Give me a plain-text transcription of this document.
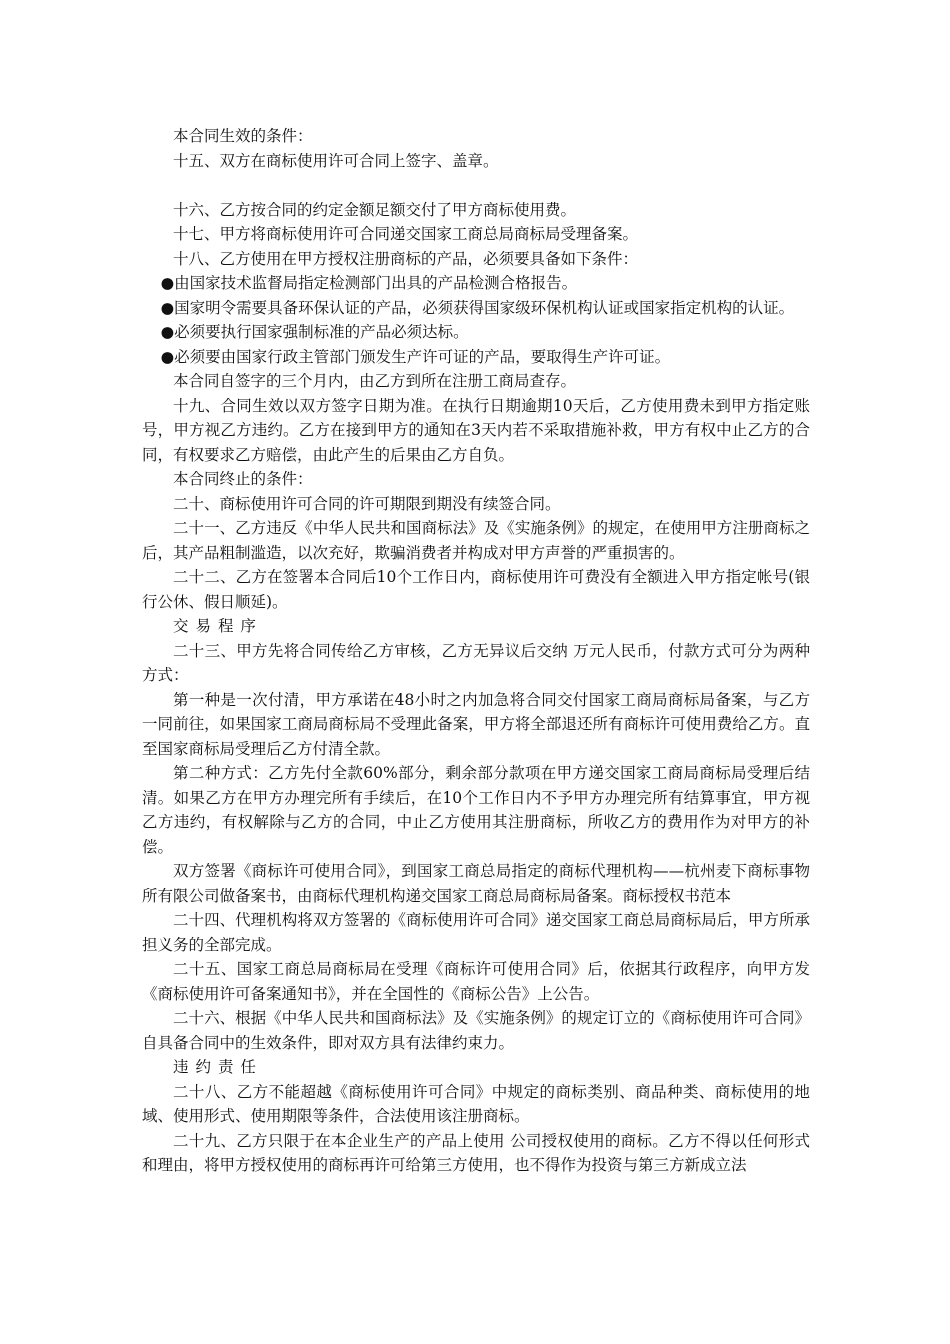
本合同生效的条件：

十五、双方在商标使用许可合同上签字、盖章。

十六、乙方按合同的约定金额足额交付了甲方商标使用费。

十七、甲方将商标使用许可合同递交国家工商总局商标局受理备案。

十八、乙方使用在甲方授权注册商标的产品，必须要具备如下条件：

●由国家技术监督局指定检测部门出具的产品检测合格报告。

●国家明令需要具备环保认证的产品，必须获得国家级环保机构认证或国家指定机构的认证。

●必须要执行国家强制标准的产品必须达标。

●必须要由国家行政主管部门颁发生产许可证的产品，要取得生产许可证。

本合同自签字的三个月内，由乙方到所在注册工商局查存。

十九、合同生效以双方签字日期为准。在执行日期逾期10天后，乙方使用费未到甲方指定账号，甲方视乙方违约。乙方在接到甲方的通知在3天内若不采取措施补救，甲方有权中止乙方的合同，有权要求乙方赔偿，由此产生的后果由乙方自负。

本合同终止的条件：

二十、商标使用许可合同的许可期限到期没有续签合同。

二十一、乙方违反《中华人民共和国商标法》及《实施条例》的规定，在使用甲方注册商标之后，其产品粗制滥造，以次充好，欺骗消费者并构成对甲方声誉的严重损害的。

二十二、乙方在签署本合同后10个工作日内，商标使用许可费没有全额进入甲方指定帐号(银行公休、假日顺延)。

交易程序

二十三、甲方先将合同传给乙方审核，乙方无异议后交纳 万元人民币，付款方式可分为两种方式：

第一种是一次付清，甲方承诺在48小时之内加急将合同交付国家工商局商标局备案，与乙方一同前往，如果国家工商局商标局不受理此备案，甲方将全部退还所有商标许可使用费给乙方。直至国家商标局受理后乙方付清全款。

第二种方式：乙方先付全款60%部分，剩余部分款项在甲方递交国家工商局商标局受理后结清。如果乙方在甲方办理完所有手续后，在10个工作日内不予甲方办理完所有结算事宜，甲方视乙方违约，有权解除与乙方的合同，中止乙方使用其注册商标，所收乙方的费用作为对甲方的补偿。

双方签署《商标许可使用合同》，到国家工商总局指定的商标代理机构——杭州麦下商标事物所有限公司做备案书，由商标代理机构递交国家工商总局商标局备案。商标授权书范本

二十四、代理机构将双方签署的《商标使用许可合同》递交国家工商总局商标局后，甲方所承担义务的全部完成。

二十五、国家工商总局商标局在受理《商标许可使用合同》后，依据其行政程序，向甲方发《商标使用许可备案通知书》，并在全国性的《商标公告》上公告。

二十六、根据《中华人民共和国商标法》及《实施条例》的规定订立的《商标使用许可合同》自具备合同中的生效条件，即对双方具有法律约束力。

违约责任

二十八、乙方不能超越《商标使用许可合同》中规定的商标类别、商品种类、商标使用的地域、使用形式、使用期限等条件，合法使用该注册商标。

二十九、乙方只限于在本企业生产的产品上使用 公司授权使用的商标。乙方不得以任何形式和理由，将甲方授权使用的商标再许可给第三方使用，也不得作为投资与第三方新成立法
